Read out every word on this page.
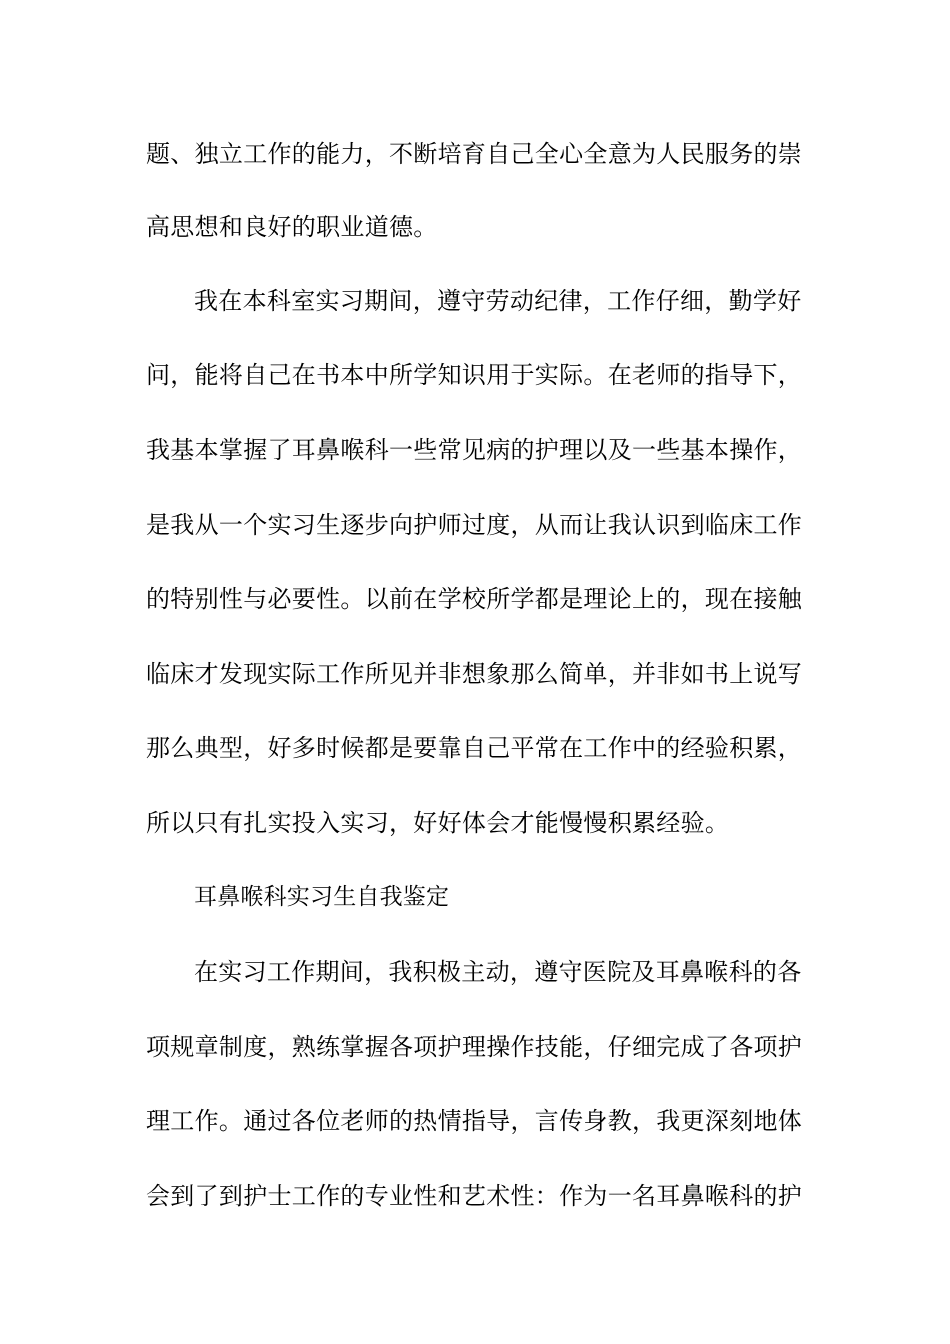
题、独立工作的能力，不断培育自己全心全意为人民服务的崇
高思想和良好的职业道德。
我在本科室实习期间，遵守劳动纪律，工作仔细，勤学好
问，能将自己在书本中所学知识用于实际。在老师的指导下，
我基本掌握了耳鼻喉科一些常见病的护理以及一些基本操作，
是我从一个实习生逐步向护师过度，从而让我认识到临床工作
的特别性与必要性。以前在学校所学都是理论上的，现在接触
临床才发现实际工作所见并非想象那么简单，并非如书上说写
那么典型，好多时候都是要靠自己平常在工作中的经验积累，
所以只有扎实投入实习，好好体会才能慢慢积累经验。
耳鼻喉科实习生自我鉴定
在实习工作期间，我积极主动，遵守医院及耳鼻喉科的各
项规章制度，熟练掌握各项护理操作技能，仔细完成了各项护
理工作。通过各位老师的热情指导，言传身教，我更深刻地体
会到了到护士工作的专业性和艺术性：作为一名耳鼻喉科的护
